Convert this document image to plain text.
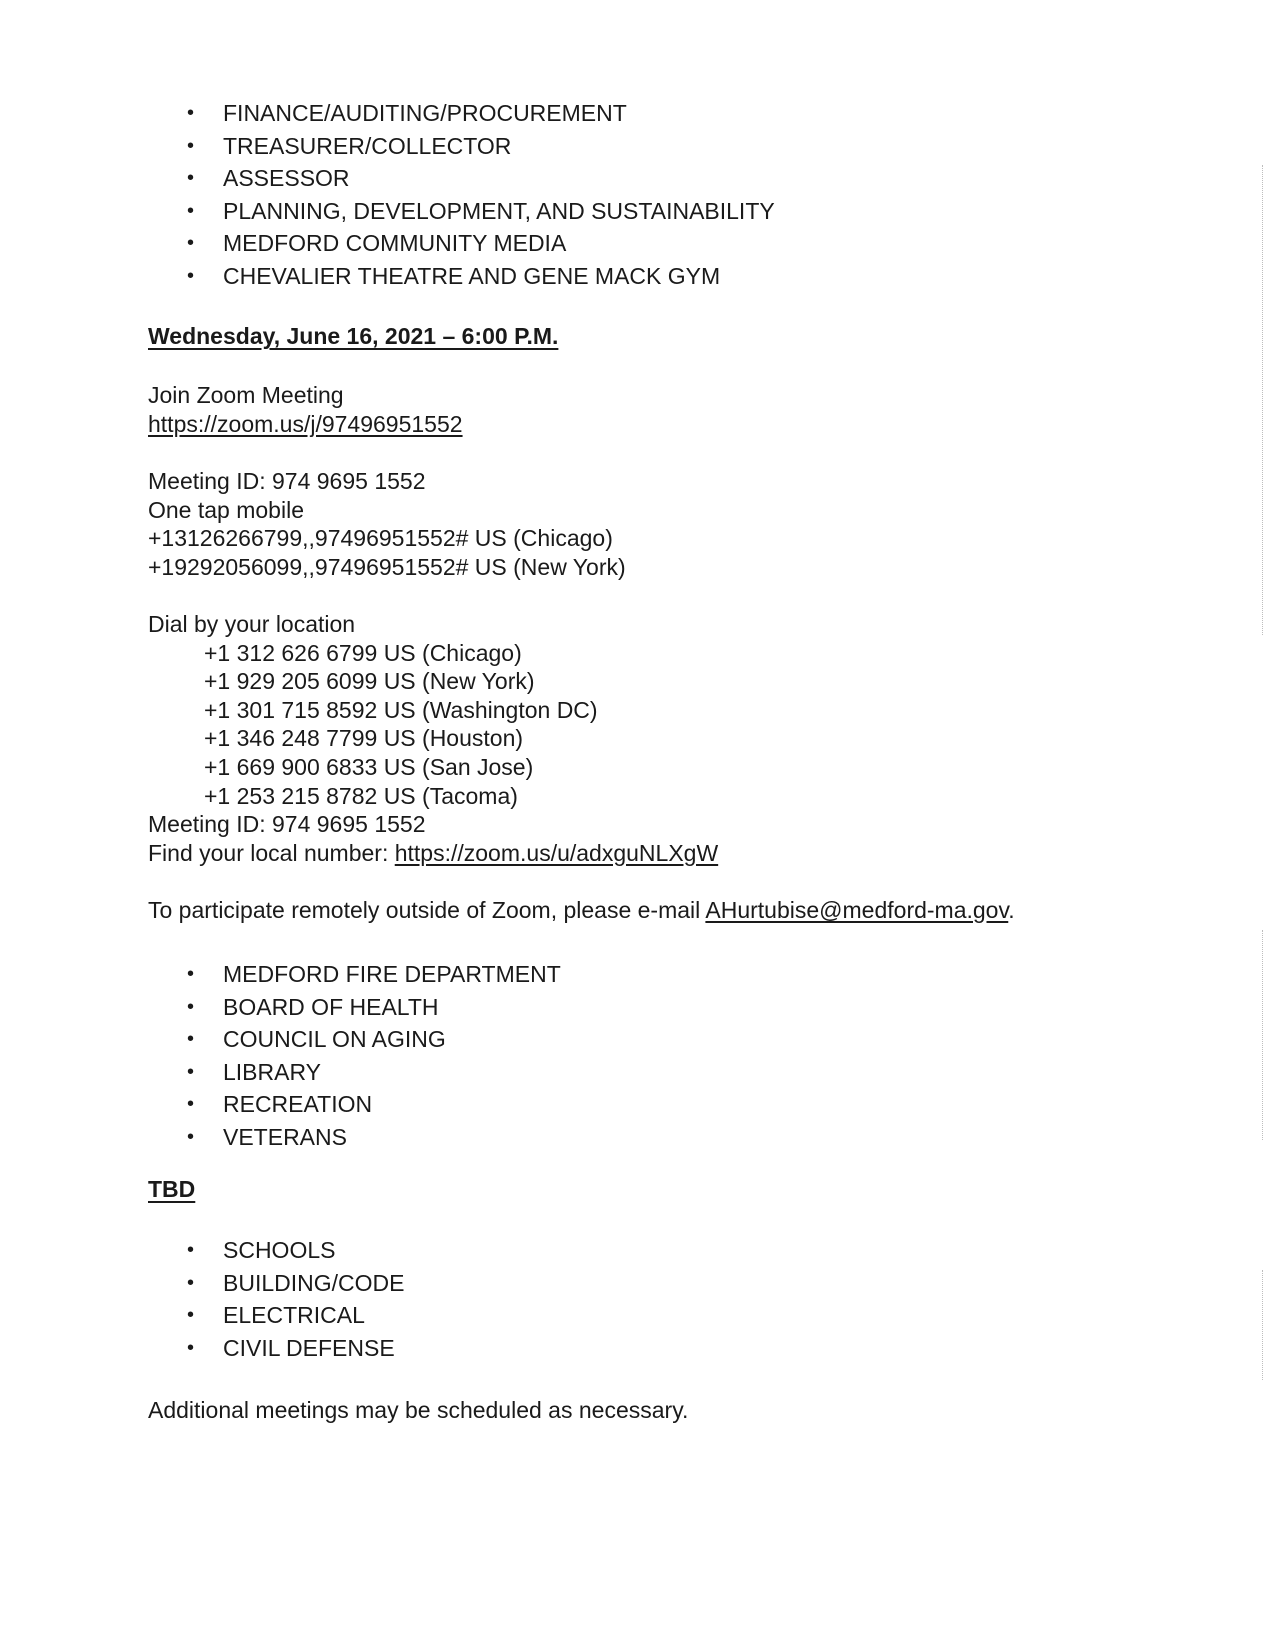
• FINANCE/AUDITING/PROCUREMENT
• TREASURER/COLLECTOR
• ASSESSOR
• PLANNING, DEVELOPMENT, AND SUSTAINABILITY
• MEDFORD COMMUNITY MEDIA
• CHEVALIER THEATRE AND GENE MACK GYM
Wednesday, June 16, 2021 – 6:00 P.M.
Join Zoom Meeting
https://zoom.us/j/97496951552
Meeting ID: 974 9695 1552
One tap mobile
+13126266799,,97496951552# US (Chicago)
+19292056099,,97496951552# US (New York)
Dial by your location
+1 312 626 6799 US (Chicago)
+1 929 205 6099 US (New York)
+1 301 715 8592 US (Washington DC)
+1 346 248 7799 US (Houston)
+1 669 900 6833 US (San Jose)
+1 253 215 8782 US (Tacoma)
Meeting ID: 974 9695 1552
Find your local number: https://zoom.us/u/adxguNLXgW
To participate remotely outside of Zoom, please e-mail AHurtubise@medford-ma.gov.
• MEDFORD FIRE DEPARTMENT
• BOARD OF HEALTH
• COUNCIL ON AGING
• LIBRARY
• RECREATION
• VETERANS
TBD
• SCHOOLS
• BUILDING/CODE
• ELECTRICAL
• CIVIL DEFENSE
Additional meetings may be scheduled as necessary.
